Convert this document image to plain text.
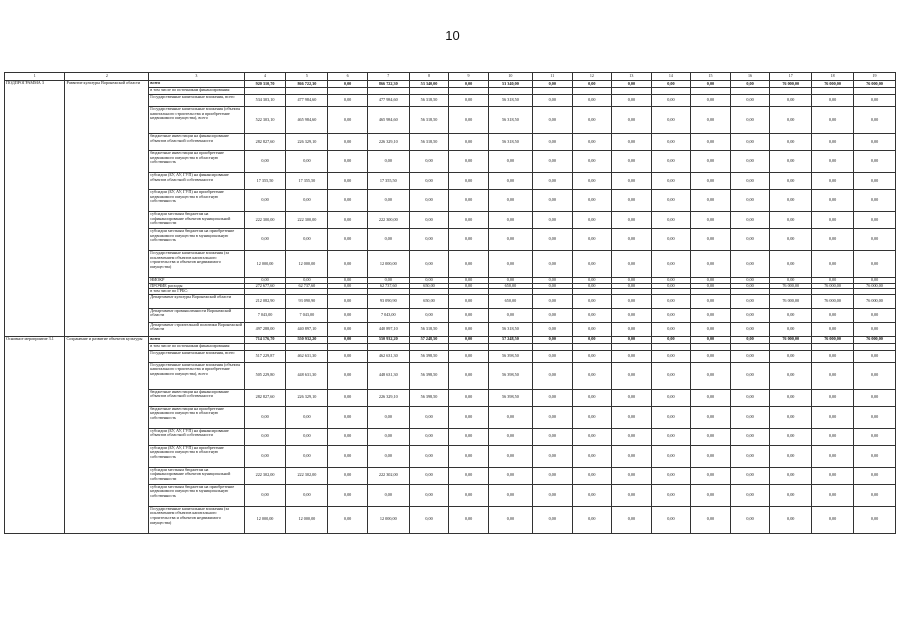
10
1	2	3	4	5	6	7	8	9	10	11	12	13	14	15	16	17	18	19
ПОДПРОГРАММА 3	Развитие культуры Воронежской области	всего	920 310,70	866 722,30	0,00	866 722,30	53 340,00	0,00	53 340,00	0,00	0,00	0,00	0,00	0,00	0,00	76 000,00	76 000,00	76 000,00
		в том числе по источникам финансирования:																
		Государственные капитальные вложения, всего	534 303,10	477 984,60	0,00	477 984,60	56 318,50	0,00	56 318,50	0,00	0,00	0,00	0,00	0,00	0,00	0,00	0,00	0,00
		Государственные капитальные вложения (объекты капитального строительства и приобретение недвижимого имущества), всего	522 303,10	465 984,60	0,00	465 984,60	56 318,50	0,00	56 318,50	0,00	0,00	0,00	0,00	0,00	0,00	0,00	0,00	0,00
		бюджетные инвестиции на финансирование объектов областной собственности	282 827,60	226 329,10	0,00	226 329,10	56 318,50	0,00	56 318,50	0,00	0,00	0,00	0,00	0,00	0,00	0,00	0,00	0,00
		бюджетные инвестиции на приобретение недвижимого имущества в областную собственность	0,00	0,00	0,00	0,00	0,00	0,00	0,00	0,00	0,00	0,00	0,00	0,00	0,00	0,00	0,00	0,00
		субсидии (БУ, АУ, ГУП) на финансирование объектов областной собственности	17 355,50	17 355,50	0,00	17 355,50	0,00	0,00	0,00	0,00	0,00	0,00	0,00	0,00	0,00	0,00	0,00	0,00
		субсидии (БУ, АУ, ГУП) на приобретение недвижимого имущества в областную собственность	0,00	0,00	0,00	0,00	0,00	0,00	0,00	0,00	0,00	0,00	0,00	0,00	0,00	0,00	0,00	0,00
		субсидии местным бюджетам на софинансирование объектов муниципальной собственности	222 300,00	222 300,00	0,00	222 300,00	0,00	0,00	0,00	0,00	0,00	0,00	0,00	0,00	0,00	0,00	0,00	0,00
		субсидии местным бюджетам на приобретение недвижимого имущества в муниципальную собственность	0,00	0,00	0,00	0,00	0,00	0,00	0,00	0,00	0,00	0,00	0,00	0,00	0,00	0,00	0,00	0,00
		Государственные капитальные вложения (за исключением объектов капитального строительства и объектов недвижимого имущества)	12 000,00	12 000,00	0,00	12 000,00	0,00	0,00	0,00	0,00	0,00	0,00	0,00	0,00	0,00	0,00	0,00	0,00
		НИОКР	0,00	0,00	0,00	0,00	0,00	0,00	0,00	0,00	0,00	0,00	0,00	0,00	0,00	0,00	0,00	0,00
		ПРОЧИЕ расходы	272 677,60	62 737,60	0,00	62 737,60	650,00	0,00	650,00	0,00	0,00	0,00	0,00	0,00	0,00	76 000,00	76 000,00	76 000,00
		в том числе по ГРБС:																
		Департамент культуры Воронежской области	212 082,90	93 090,90	0,00	93 090,90	650,00	0,00	650,00	0,00	0,00	0,00	0,00	0,00	0,00	76 000,00	76 000,00	76 000,00
		Департамент промышленности Воронежской области	7 043,00	7 043,00	0,00	7 043,00	0,00	0,00	0,00	0,00	0,00	0,00	0,00	0,00	0,00	0,00	0,00	0,00
		Департамент строительной политики Воронежской области	497 288,00	440 897,10	0,00	440 897,10	56 318,50	0,00	56 318,50	0,00	0,00	0,00	0,00	0,00	0,00	0,00	0,00	0,00
Основное мероприятие 3.1	Сохранение и развитие объектов культуры	всего	714 176,70	550 932,20	0,00	550 932,20	57 248,50	0,00	57 248,50	0,00	0,00	0,00	0,00	0,00	0,00	76 000,00	76 000,00	76 000,00
		в том числе по источникам финансирования:																
		Государственные капитальные вложения, всего	517 229,87	462 631,30	0,00	462 631,30	56 398,50	0,00	56 398,50	0,00	0,00	0,00	0,00	0,00	0,00	0,00	0,00	0,00
		Государственные капитальные вложения (объекты капитального строительства и приобретение недвижимого имущества), всего	505 229,80	448 631,30	0,00	448 631,30	56 398,50	0,00	56 398,50	0,00	0,00	0,00	0,00	0,00	0,00	0,00	0,00	0,00
		бюджетные инвестиции на финансирование объектов областной собственности	282 827,60	226 329,10	0,00	226 329,10	56 398,50	0,00	56 398,50	0,00	0,00	0,00	0,00	0,00	0,00	0,00	0,00	0,00
		бюджетные инвестиции на приобретение недвижимого имущества в областную собственность	0,00	0,00	0,00	0,00	0,00	0,00	0,00	0,00	0,00	0,00	0,00	0,00	0,00	0,00	0,00	0,00
		субсидии (БУ, АУ, ГУП) на финансирование объектов областной собственности	0,00	0,00	0,00	0,00	0,00	0,00	0,00	0,00	0,00	0,00	0,00	0,00	0,00	0,00	0,00	0,00
		субсидии (БУ, АУ, ГУП) на приобретение недвижимого имущества в областную собственность	0,00	0,00	0,00	0,00	0,00	0,00	0,00	0,00	0,00	0,00	0,00	0,00	0,00	0,00	0,00	0,00
		субсидии местным бюджетам на софинансирование объектов муниципальной собственности	222 302,00	222 302,00	0,00	222 302,00	0,00	0,00	0,00	0,00	0,00	0,00	0,00	0,00	0,00	0,00	0,00	0,00
		субсидии местным бюджетам на приобретение недвижимого имущества в муниципальную собственность	0,00	0,00	0,00	0,00	0,00	0,00	0,00	0,00	0,00	0,00	0,00	0,00	0,00	0,00	0,00	0,00
		Государственные капитальные вложения (за исключением объектов капитального строительства и объектов недвижимого имущества)	12 000,00	12 000,00	0,00	12 000,00	0,00	0,00	0,00	0,00	0,00	0,00	0,00	0,00	0,00	0,00	0,00	0,00
